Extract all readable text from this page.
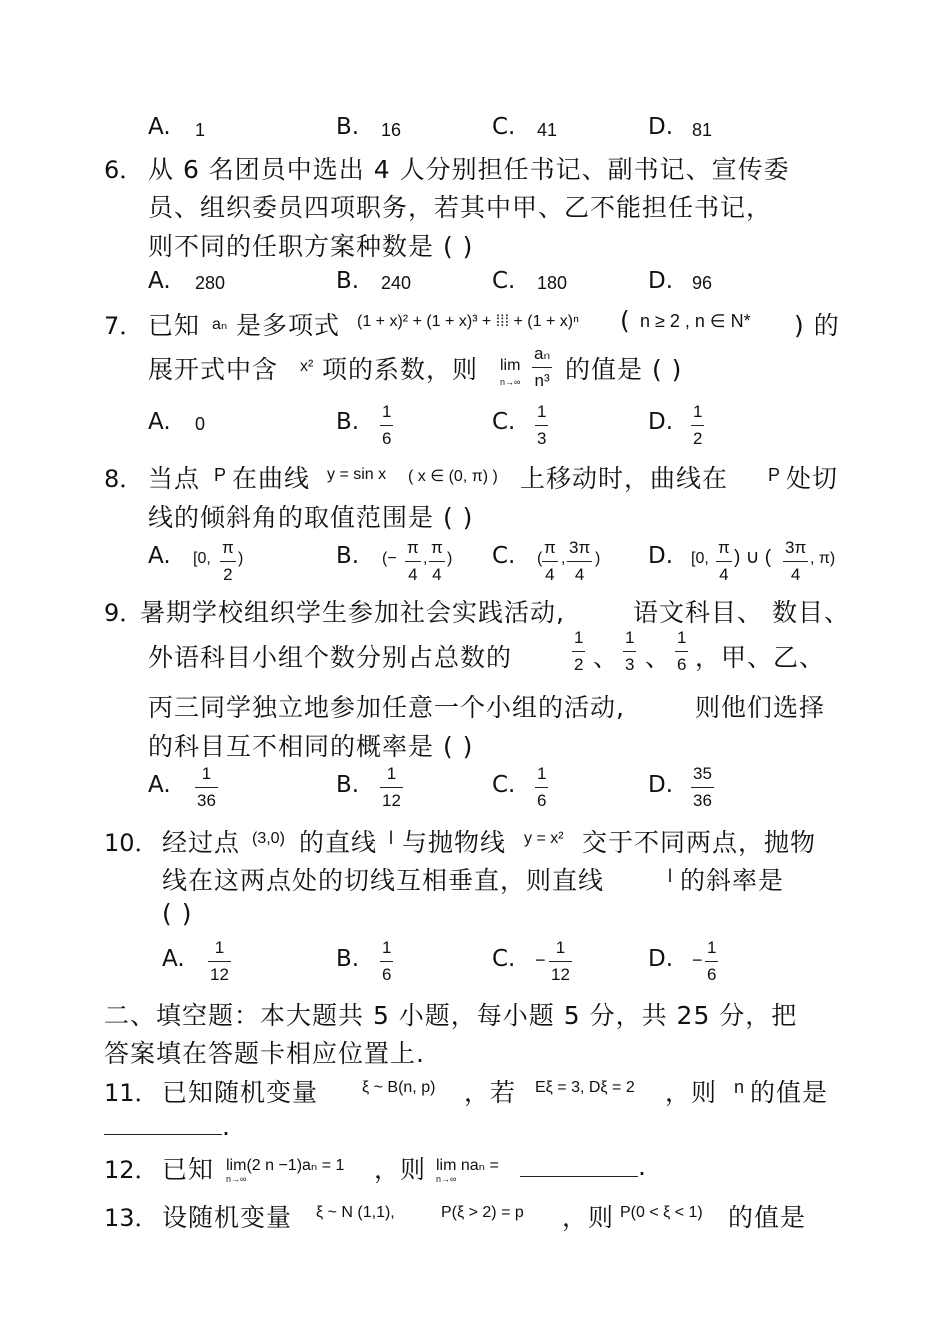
A. 1	B. 16	C. 41	D. 81
6． 从 6 名团员中选出 4 人分别担任书记、副书记、宣传委
员、组织委员四项职务，若其中甲、乙不能担任书记，
则不同的任职方案种数是 ( )
A. 280	B. 240	C. 180	D. 96
7． 已知 aₙ 是多项式 (1 + x)² + (1 + x)³ + ⁞⁞⁞ + (1 + x)ⁿ ( n ≥ 2 , n ∈ N* ) 的
展开式中含 x² 项的系数，则 lim
n→∞
aₙ
n³ 的值是 ( )
A. 0	B. 1
6
C. 1
3
D. 1
2
8． 当点 P 在曲线 y = sin x ( x ∈ (0, π) ) 上移动时，曲线在 P 处切
线的倾斜角的取值范围是 ( )
A. [0,
π
2
)	B. (−
π
4
,
π
4
) C. (
π
4
,
3π
4
) D. [0,
π
4
) ∪ ( 3π
4
, π)
9．
暑期学校组织学生参加社会实践活动,	语文科目、 数目、
外语科目小组个数分别占总数的
1
2 、
1
3 、
1
6 ，甲、乙、
丙三同学独立地参加任意一个小组的活动,	则他们选择
的科目互不相同的概率是 ( )
A. 1
36
B. 1
12
C. 1
6
D. 35
36
10． 经过点 (3,0) 的直线 l 与抛物线 y = x² 交于不同两点，抛物
线在这两点处的切线互相垂直，则直线	l 的斜率是
( )
A. 1
12
B. 1
6
C. −
1
12
D. −
1
6
二、填空题：本大题共 5 小题，每小题 5 分，共 25 分，把
答案填在答题卡相应位置上.
11． 已知随机变量	ξ ~ B(n, p) ，若 Eξ = 3, Dξ = 2 ，则 n 的值是
.
12． 已知 lim(2 n −1)aₙ = 1
n→∞	，则 lim naₙ =
n→∞	.
13． 设随机变量 ξ ~ N (1,1),	P(ξ > 2) = p ，则 P(0 < ξ < 1) 的值是
